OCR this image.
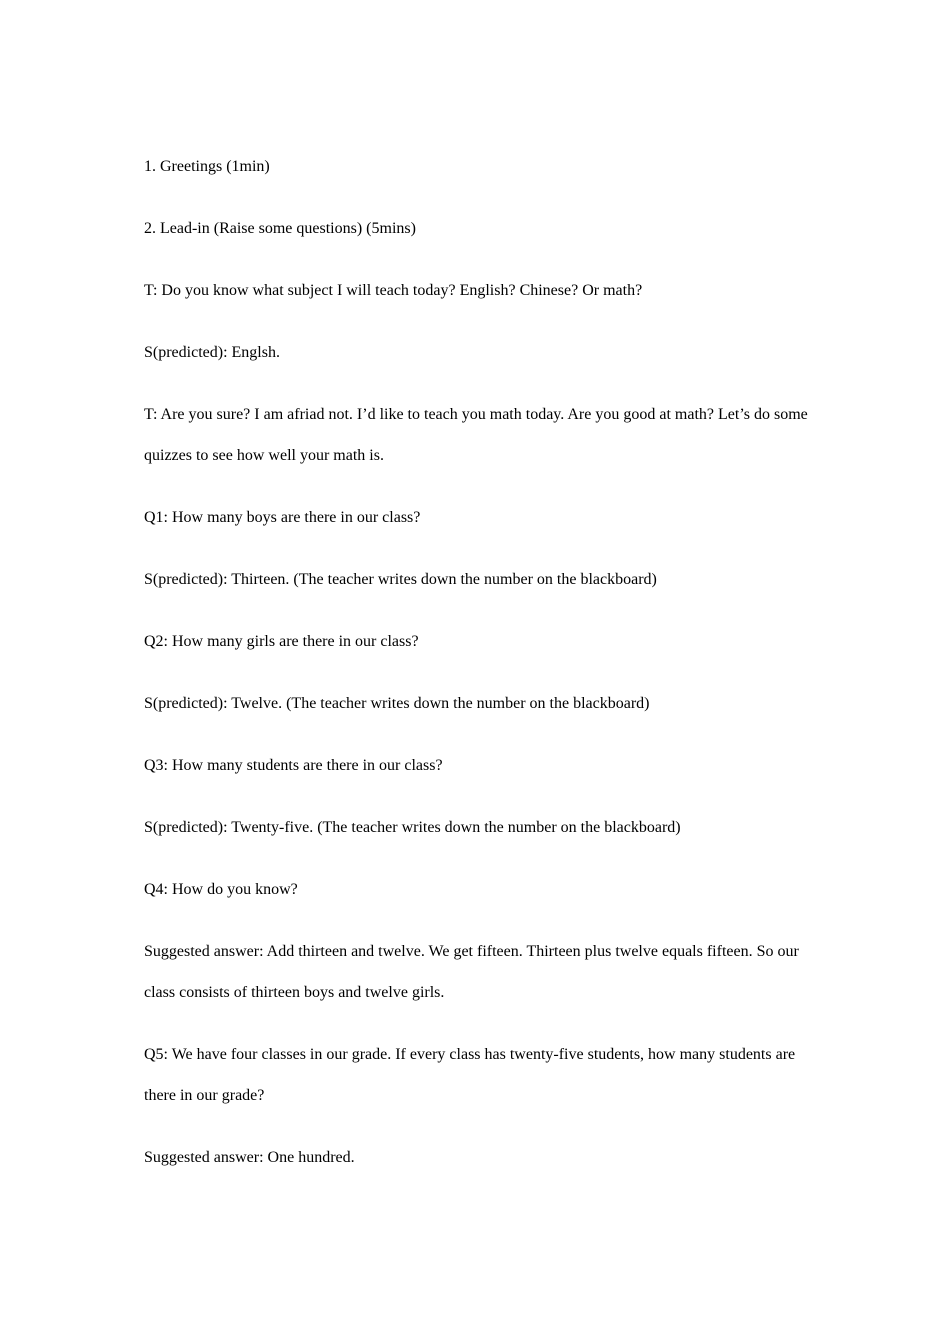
1. Greetings (1min)

2. Lead-in (Raise some questions) (5mins)

T: Do you know what subject I will teach today? English? Chinese? Or math?

S(predicted): Englsh.

T: Are you sure? I am afriad not. I’d like to teach you math today. Are you good at math? Let’s do some quizzes to see how well your math is.

Q1: How many boys are there in our class?

S(predicted): Thirteen. (The teacher writes down the number on the blackboard)

Q2: How many girls are there in our class?

S(predicted): Twelve. (The teacher writes down the number on the blackboard)

Q3: How many students are there in our class?

S(predicted): Twenty-five. (The teacher writes down the number on the blackboard)

Q4: How do you know?

Suggested answer: Add thirteen and twelve. We get fifteen. Thirteen plus twelve equals fifteen. So our class consists of thirteen boys and twelve girls.

Q5: We have four classes in our grade. If every class has twenty-five students, how many students are there in our grade?

Suggested answer: One hundred.
